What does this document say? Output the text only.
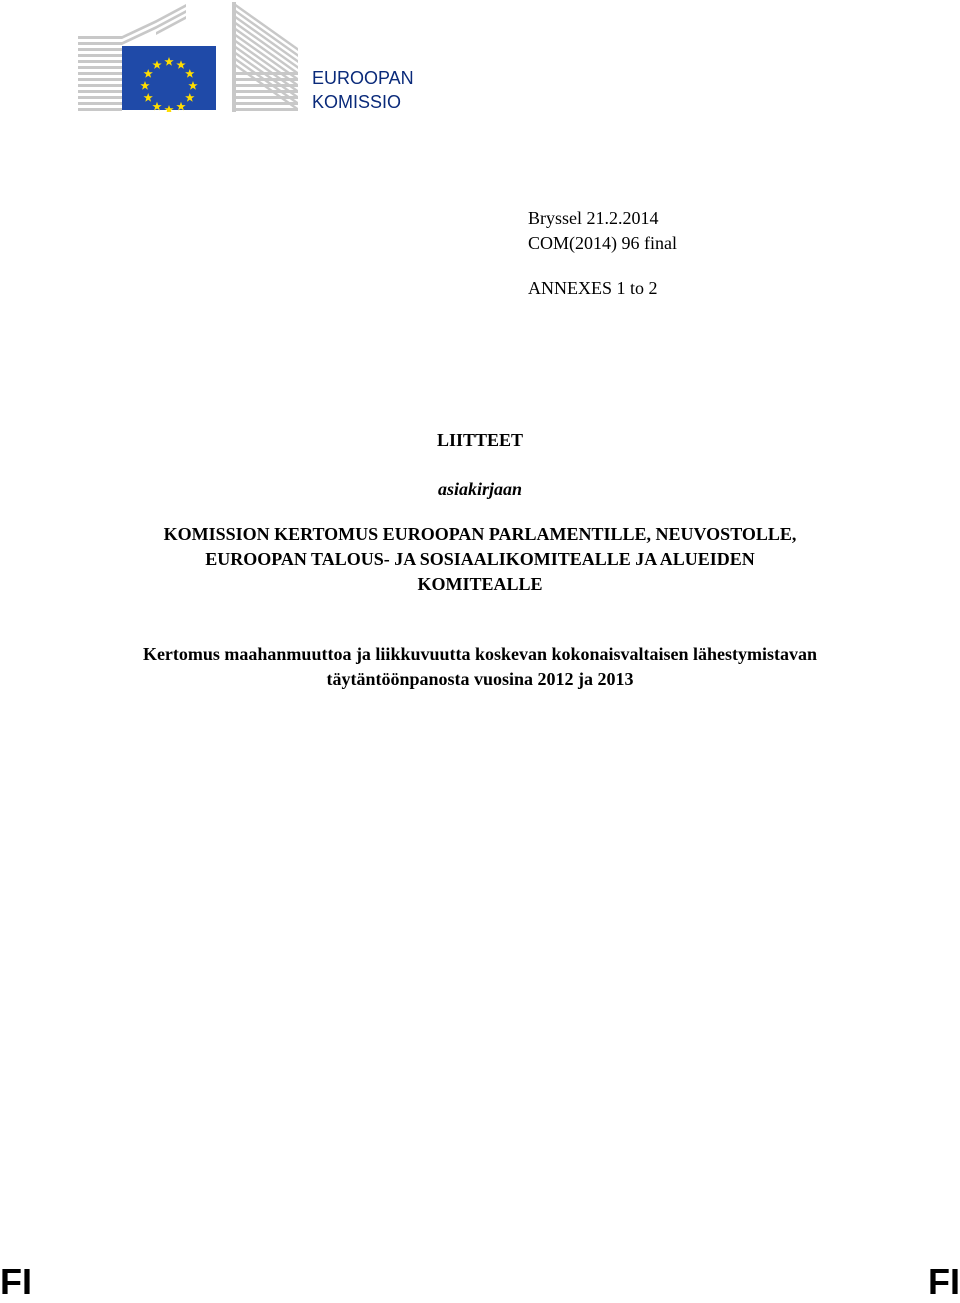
EUROOPAN
KOMISSIO
Bryssel 21.2.2014
COM(2014) 96 final
ANNEXES 1 to 2
LIITTEET
asiakirjaan
KOMISSION KERTOMUS EUROOPAN PARLAMENTILLE, NEUVOSTOLLE,
EUROOPAN TALOUS- JA SOSIAALIKOMITEALLE JA ALUEIDEN
KOMITEALLE
Kertomus maahanmuuttoa ja liikkuvuutta koskevan kokonaisvaltaisen lähestymistavan
täytäntöönpanosta vuosina 2012 ja 2013
FI	FI
